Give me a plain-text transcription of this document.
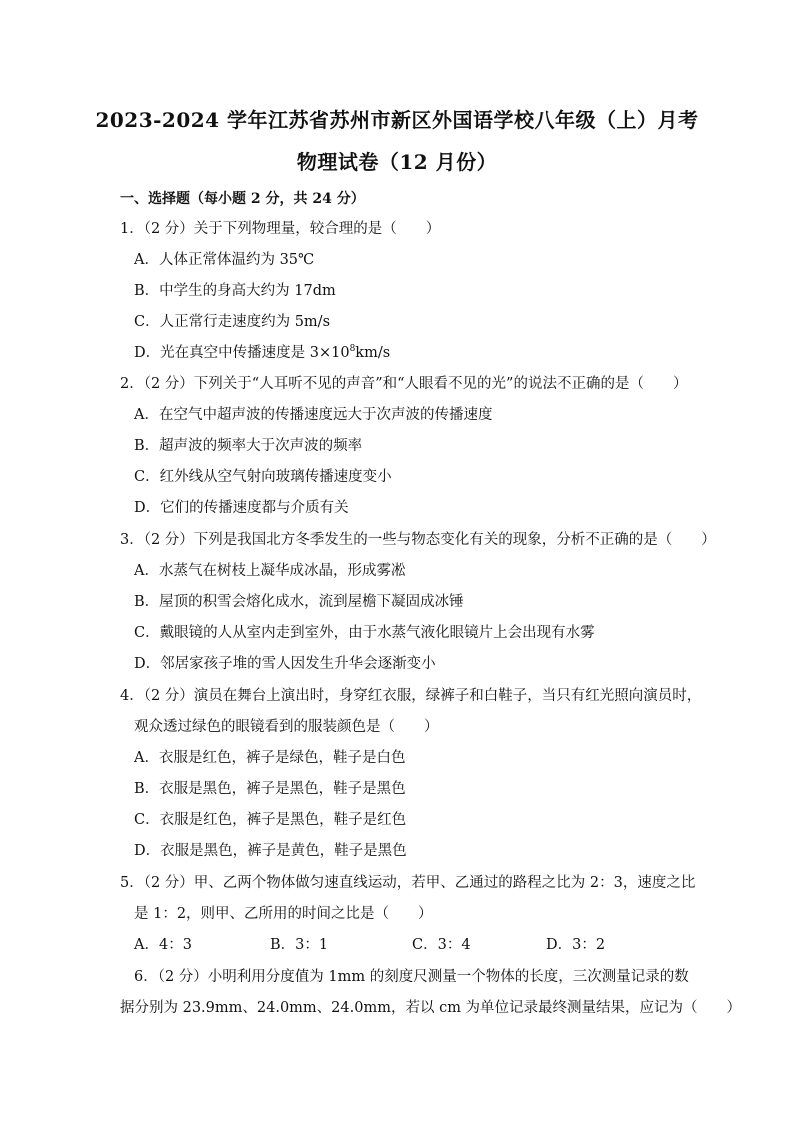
2023-2024 学年江苏省苏州市新区外国语学校八年级（上）月考
物理试卷（12 月份）
一、选择题（每小题 2 分，共 24 分）
1．（2 分）关于下列物理量，较合理的是（　　）
A．人体正常体温约为 35℃
B．中学生的身高大约为 17dm
C．人正常行走速度约为 5m/s
D．光在真空中传播速度是 $3\times 10^8km/s$
2．（2 分）下列关于“人耳听不见的声音”和“人眼看不见的光”的说法不正确的是（　　）
A．在空气中超声波的传播速度远大于次声波的传播速度
B．超声波的频率大于次声波的频率
C．红外线从空气射向玻璃传播速度变小
D．它们的传播速度都与介质有关
3．（2 分）下列是我国北方冬季发生的一些与物态变化有关的现象，分析不正确的是（　　）
A．水蒸气在树枝上凝华成冰晶，形成雾凇
B．屋顶的积雪会熔化成水，流到屋檐下凝固成冰锤
C．戴眼镜的人从室内走到室外，由于水蒸气液化眼镜片上会出现有水雾
D．邻居家孩子堆的雪人因发生升华会逐渐变小
4．（2 分）演员在舞台上演出时，身穿红衣服，绿裤子和白鞋子，当只有红光照向演员时，
观众透过绿色的眼镜看到的服装颜色是（　　）
A．衣服是红色，裤子是绿色，鞋子是白色
B．衣服是黑色，裤子是黑色，鞋子是黑色
C．衣服是红色，裤子是黑色，鞋子是红色
D．衣服是黑色，裤子是黄色，鞋子是黑色
5．（2 分）甲、乙两个物体做匀速直线运动，若甲、乙通过的路程之比为 2：3，速度之比
是 1：2，则甲、乙所用的时间之比是（　　）
A．4：3	B．3：1	C．3：4	D．3：2
6．（2 分）小明利用分度值为 1mm 的刻度尺测量一个物体的长度，三次测量记录的数
据分别为 23.9mm、24.0mm、24.0mm，若以 cm 为单位记录最终测量结果，应记为（　　）
